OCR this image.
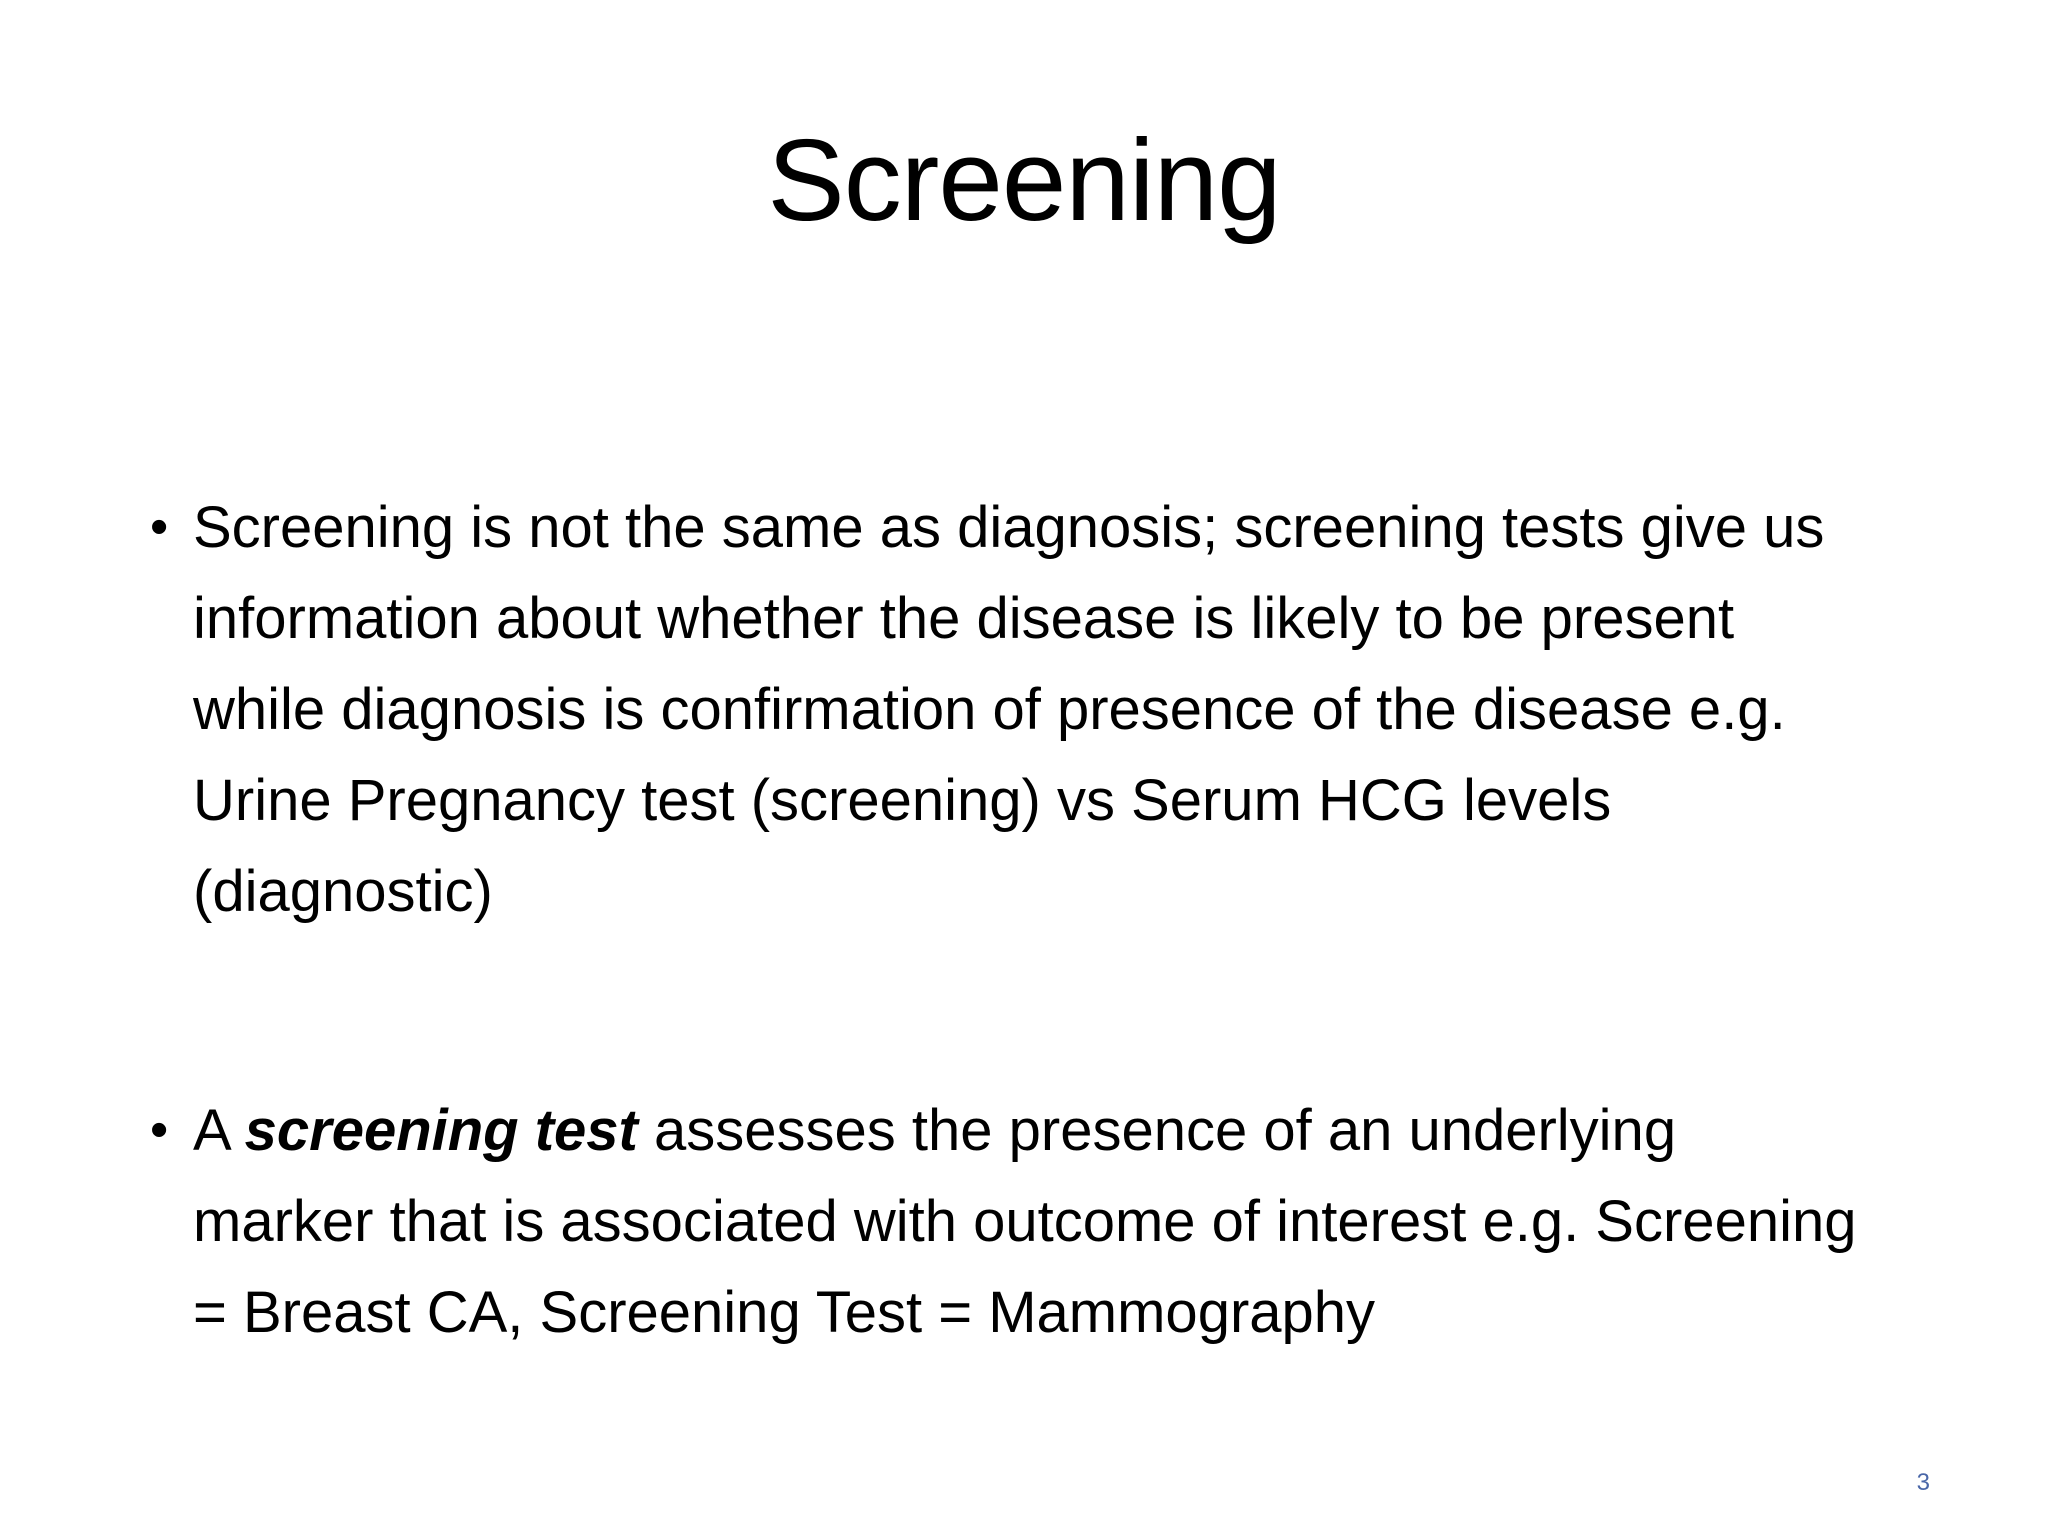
Screening
• Screening is not the same as diagnosis; screening tests give us information about whether the disease is likely to be present while diagnosis is confirmation of presence of the disease e.g. Urine Pregnancy test (screening) vs Serum HCG levels (diagnostic)
• A screening test assesses the presence of an underlying marker that is associated with outcome of interest e.g. Screening = Breast CA, Screening Test = Mammography
3
